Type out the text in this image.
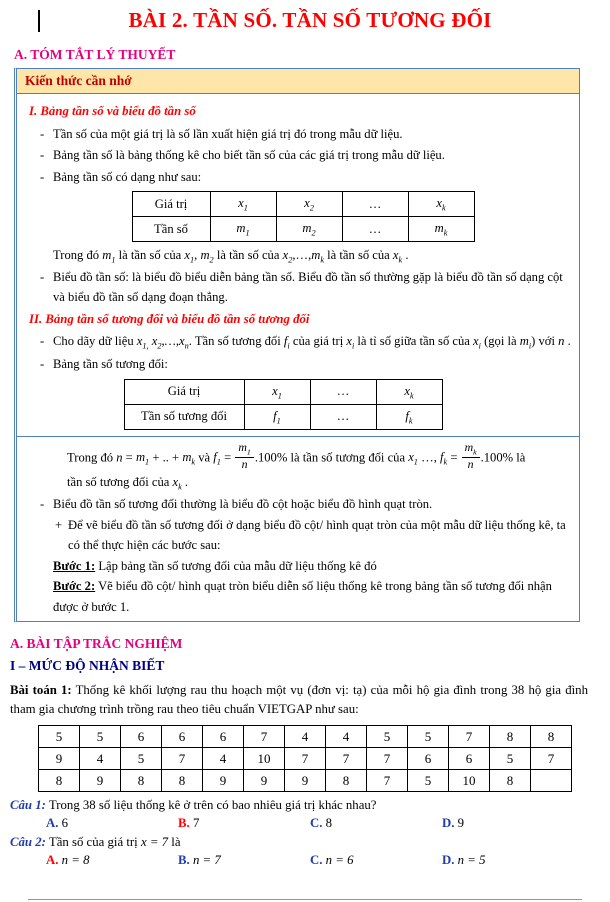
BÀI 2. TẦN SỐ. TẦN SỐ TƯƠNG ĐỐI
A. TÓM TẮT LÝ THUYẾT
Kiến thức cần nhớ
I. Bảng tần số và biểu đồ tần số
- Tần số của một giá trị là số lần xuất hiện giá trị đó trong mẫu dữ liệu.
- Bảng tần số là bảng thống kê cho biết tần số của các giá trị trong mẫu dữ liệu.
- Bảng tần số có dạng như sau:
Giá trị	$x_1$	$x_2$	…	$x_k$
Tần số	$m_1$	$m_2$	…	$m_k$
Trong đó $m_1$ là tần số của $x_1$, $m_2$ là tần số của $x_2,\dots,m_k$ là tần số của $x_k$ .
- Biểu đồ tần số: là biểu đồ biểu diễn bảng tần số. Biểu đồ tần số thường gặp là biểu đồ tần số dạng cột và biểu đồ tần số dạng đoạn thẳng.
II. Bảng tần số tương đối và biểu đồ tần số tương đối
- Cho dãy dữ liệu $x_{1,}$ $x_2,\dots,x_n$. Tần số tương đối $f_i$ của giá trị $x_i$ là tỉ số giữa tần số của $x_i$ (gọi là $m_i$) với n .
- Bảng tần số tương đối:
Giá trị	$x_1$	…	$x_k$
Tần số tương đối	$f_1$	…	$f_k$
Trong đó $n = m_1$ + .. + $m_k$ và $f_1 = \frac{m_1}{n} .100\%$ là tần số tương đối của $x_1$ …, $f_k = \frac{m_k}{n} .100\%$ là
tần số tương đối của $x_k$ .
- Biểu đồ tần số tương đối thường là biểu đồ cột hoặc biểu đồ hình quạt tròn.
+ Để vẽ biểu đồ tần số tương đối ở dạng biểu đồ cột/ hình quạt tròn của một mẫu dữ liệu thống kê, ta có thể thực hiện các bước sau:
Bước 1: Lập bảng tần số tương đối của mẫu dữ liệu thống kê đó
Bước 2: Vẽ biểu đồ cột/ hình quạt tròn biểu diễn số liệu thống kê trong bảng tần số tương đối nhận được ở bước 1.
A. BÀI TẬP TRẮC NGHIỆM
I – MỨC ĐỘ NHẬN BIẾT
Bài toán 1: Thống kê khối lượng rau thu hoạch một vụ (đơn vị: tạ) của mỗi hộ gia đình trong 38 hộ gia đình tham gia chương trình trồng rau theo tiêu chuẩn VIETGAP như sau:
5	5	6	6	6	7	4	4	5	5	7	8	8
9	4	5	7	4	10	7	7	7	6	6	5	7
8	9	8	8	9	9	9	8	7	5	10	8	
Câu 1: Trong 38 số liệu thống kê ở trên có bao nhiêu giá trị khác nhau?
A. 6	B. 7	C. 8	D. 9
Câu 2: Tần số của giá trị x = 7 là
A. n = 8	B. n = 7	C. n = 6	D. n = 5
